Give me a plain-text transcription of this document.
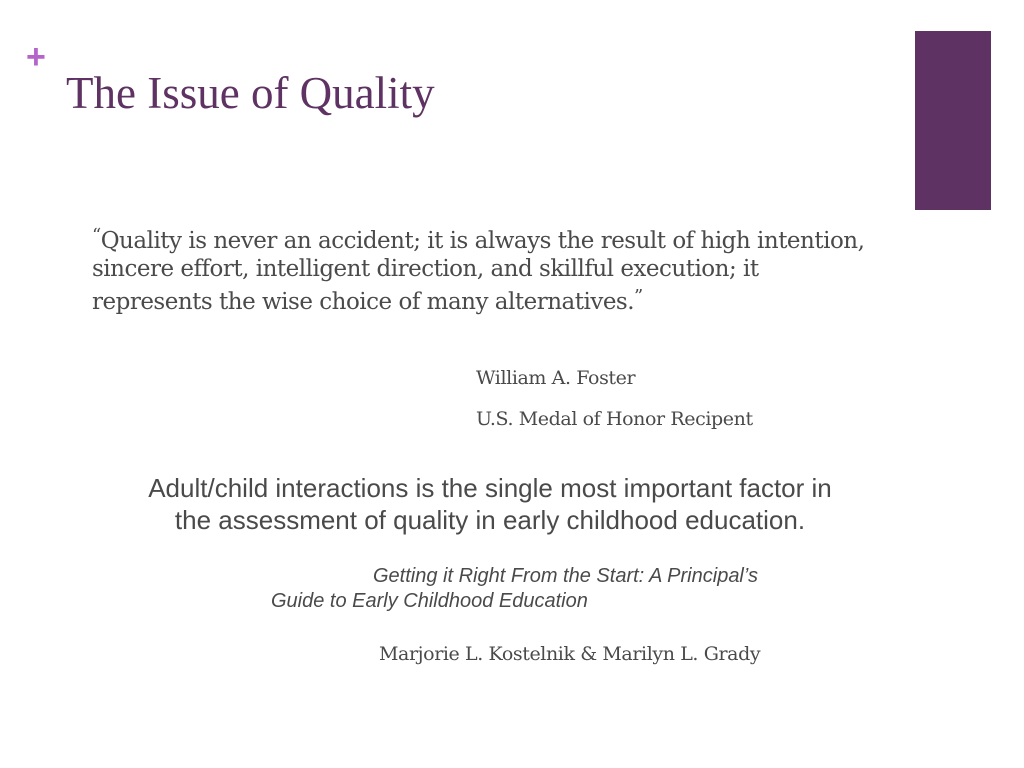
+
The Issue of Quality

“Quality is never an accident; it is always the result of high intention, sincere effort, intelligent direction, and skillful execution; it represents the wise choice of many alternatives.”

William A. Foster
U.S. Medal of Honor Recipent

Adult/child interactions is the single most important factor in
the assessment of quality in early childhood education.

Getting it Right From the Start: A Principal’s
Guide to Early Childhood Education
Marjorie L. Kostelnik & Marilyn L. Grady
